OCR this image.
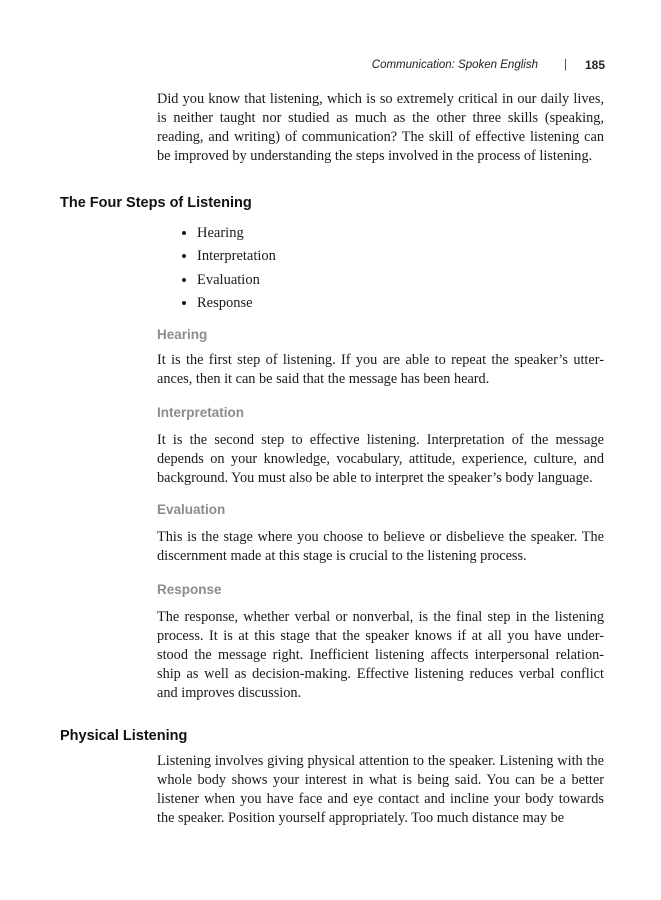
Communication: Spoken English | 185

Did you know that listening, which is so extremely critical in our daily lives, is neither taught nor studied as much as the other three skills (speaking, reading, and writing) of communication? The skill of effective listening can be improved by understanding the steps involved in the process of listening.

The Four Steps of Listening
• Hearing
• Interpretation
• Evaluation
• Response
Hearing

It is the first step of listening. If you are able to repeat the speaker’s utter-ances, then it can be said that the message has been heard.

Interpretation

It is the second step to effective listening. Interpretation of the message depends on your knowledge, vocabulary, attitude, experience, culture, and background. You must also be able to interpret the speaker’s body language.

Evaluation

This is the stage where you choose to believe or disbelieve the speaker. The discernment made at this stage is crucial to the listening process.

Response

The response, whether verbal or nonverbal, is the final step in the listening process. It is at this stage that the speaker knows if at all you have under-stood the message right. Inefficient listening affects interpersonal relation-ship as well as decision-making. Effective listening reduces verbal conflict and improves discussion.

Physical Listening

Listening involves giving physical attention to the speaker. Listening with the whole body shows your interest in what is being said. You can be a better listener when you have face and eye contact and incline your body towards the speaker. Position yourself appropriately. Too much distance may be
